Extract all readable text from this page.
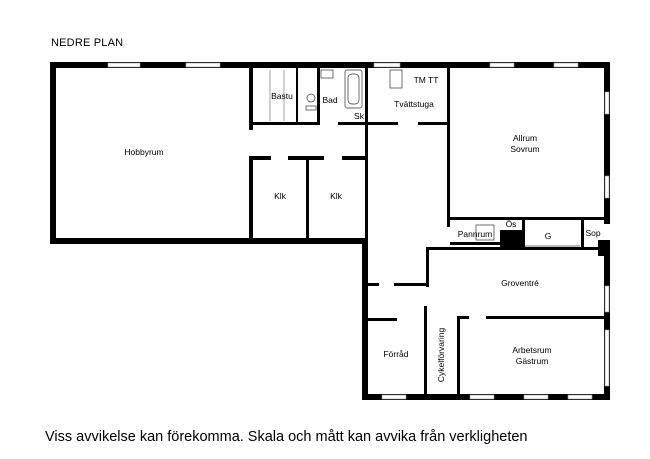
NEDRE PLAN
Hobbyrum
Bastu	Bad
Sk
TM TT
Tvättstuga
Allrum
Sovrum
Klk	Klk
Pannrum
Ös
G	Sop
Groventré
Förråd	Cykelförvaring	Arbetsrum
Gästrum
Viss avvikelse kan förekomma. Skala och mått kan avvika från verkligheten
